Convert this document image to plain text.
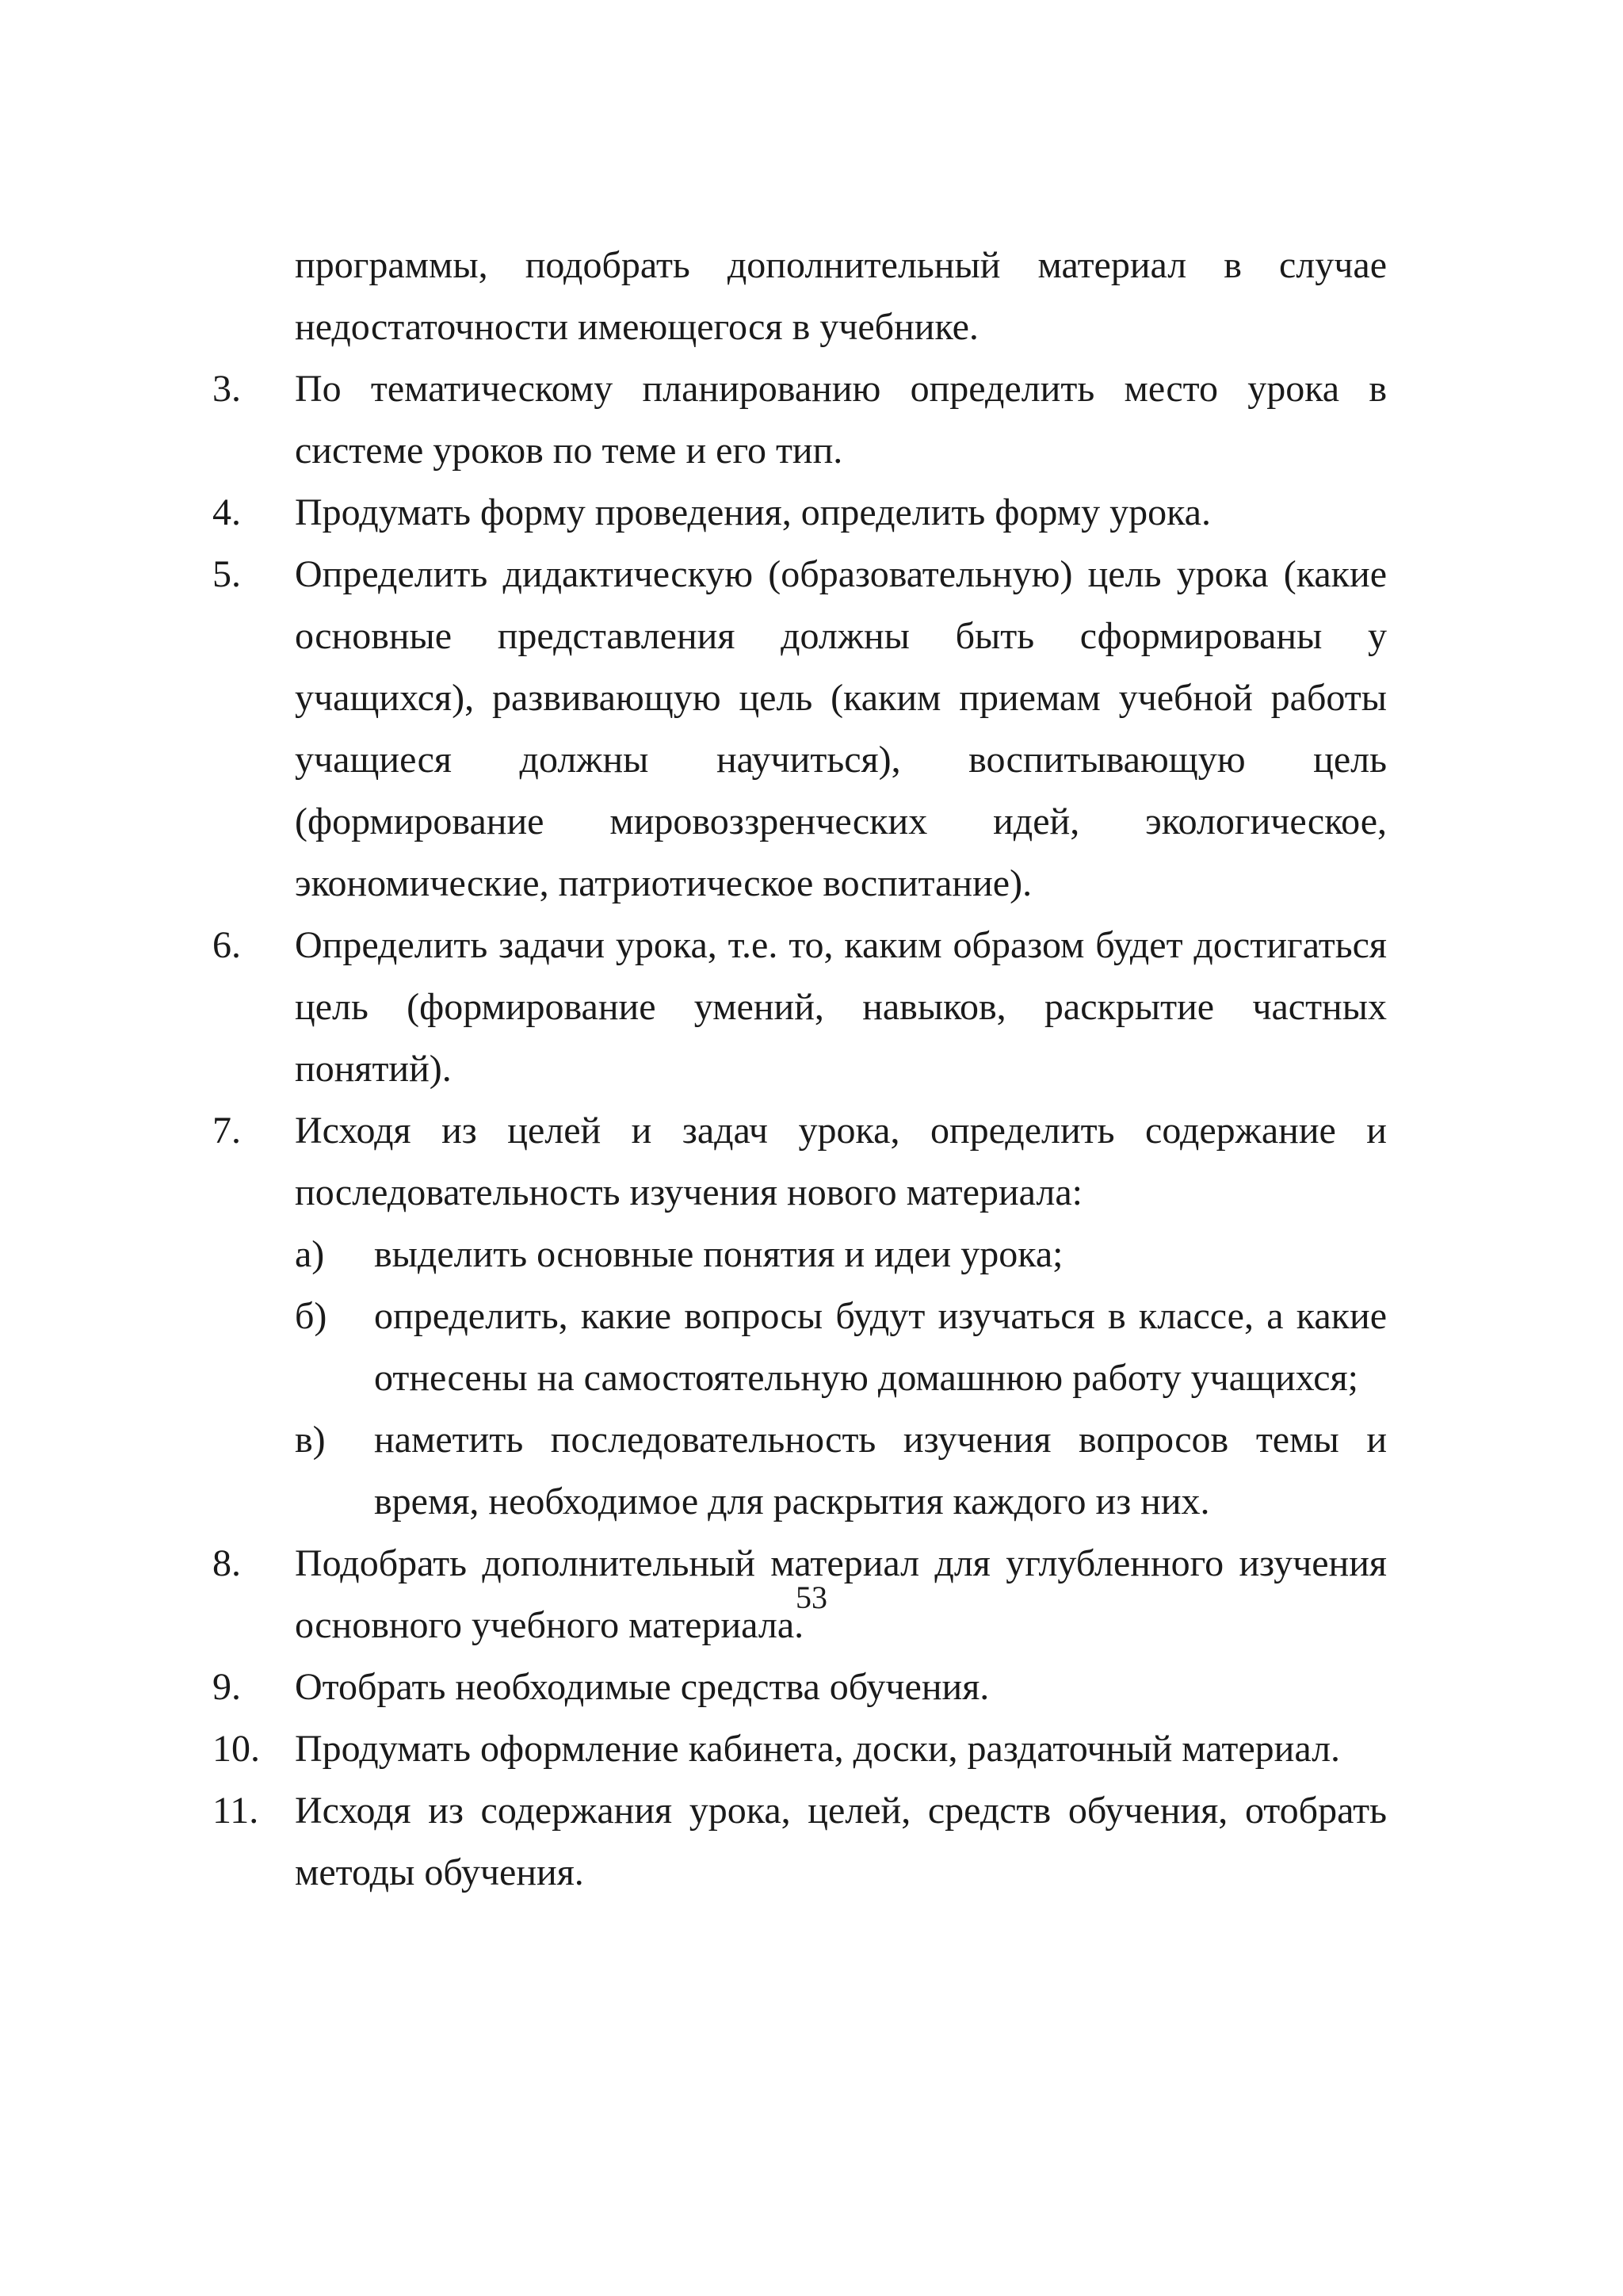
программы, подобрать дополнительный материал в случае недостаточности имеющегося в учебнике.

3. По тематическому планированию определить место урока в системе уроков по теме и его тип.
4. Продумать форму проведения, определить форму урока.
5. Определить дидактическую (образовательную) цель урока (какие основные представления должны быть сформированы у учащихся), развивающую цель (каким приемам учебной работы учащиеся должны научиться), воспитывающую цель (формирование мировоззренческих идей, экологическое, экономические, патриотическое воспитание).
6. Определить задачи урока, т.е. то, каким образом будет достигаться цель (формирование умений, навыков, раскрытие частных понятий).
7. Исходя из целей и задач урока, определить содержание и последовательность изучения нового материала:
а) выделить основные понятия и идеи урока;
б) определить, какие вопросы будут изучаться в классе, а какие отнесены на самостоятельную домашнюю работу учащихся;
в) наметить последовательность изучения вопросов темы и время, необходимое для раскрытия каждого из них.
8. Подобрать дополнительный материал для углубленного изучения основного учебного материала.
9. Отобрать необходимые средства обучения.
10. Продумать оформление кабинета, доски, раздаточный материал.
11. Исходя из содержания урока, целей, средств обучения, отобрать методы обучения.
53
